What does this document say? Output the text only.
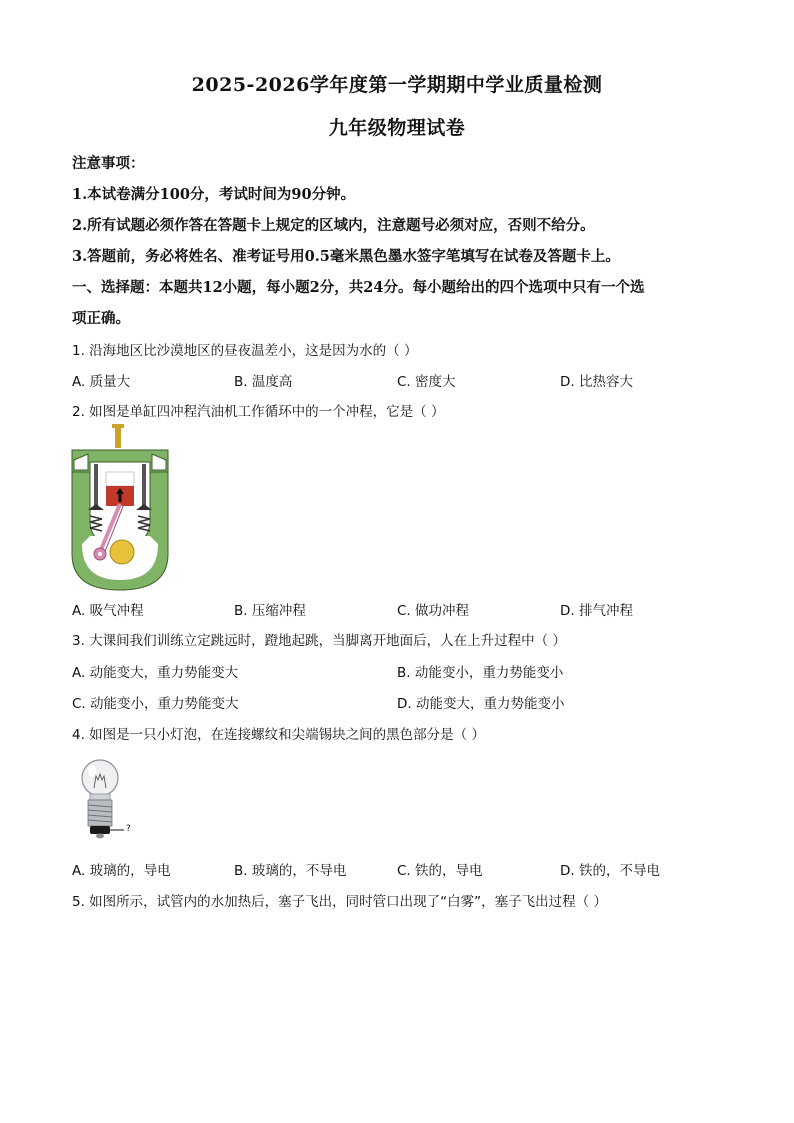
2025-2026学年度第一学期期中学业质量检测
九年级物理试卷
注意事项：
1.本试卷满分100分，考试时间为90分钟。
2.所有试题必须作答在答题卡上规定的区域内，注意题号必须对应，否则不给分。
3.答题前，务必将姓名、准考证号用0.5毫米黑色墨水签字笔填写在试卷及答题卡上。
一、选择题：本题共12小题，每小题2分，共24分。每小题给出的四个选项中只有一个选
项正确。
1. 沿海地区比沙漠地区的昼夜温差小，这是因为水的（ ）
A. 质量大	B. 温度高	C. 密度大	D. 比热容大
2. 如图是单缸四冲程汽油机工作循环中的一个冲程，它是（ ）
A. 吸气冲程	B. 压缩冲程	C. 做功冲程	D. 排气冲程
3. 大课间我们训练立定跳远时，蹬地起跳，当脚离开地面后，人在上升过程中（ ）
A. 动能变大，重力势能变大	B. 动能变小，重力势能变小
C. 动能变小，重力势能变大	D. 动能变大，重力势能变小
4. 如图是一只小灯泡，在连接螺纹和尖端锡块之间的黑色部分是（ ）
?
A. 玻璃的，导电	B. 玻璃的，不导电	C. 铁的，导电	D. 铁的，不导电
5. 如图所示，试管内的水加热后，塞子飞出，同时管口出现了“白雾”，塞子飞出过程（ ）
